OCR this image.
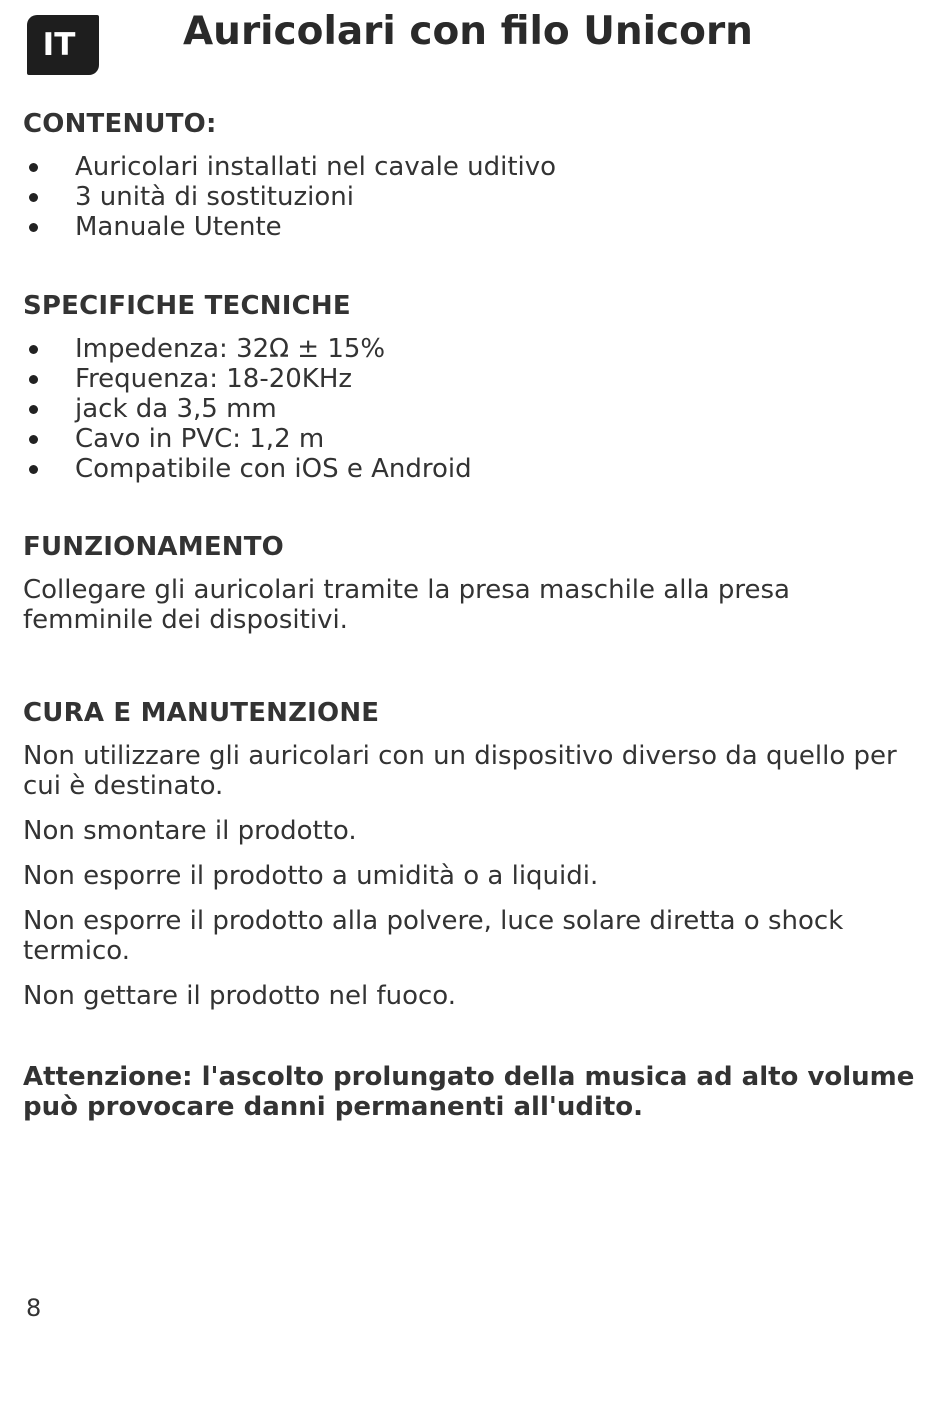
IT	Auricolari con filo Unicorn
CONTENUTO:
Auricolari installati nel cavale uditivo
3 unità di sostituzioni
Manuale Utente
SPECIFICHE TECNICHE
Impedenza: 32Ω ± 15%
Frequenza: 18-20KHz
jack da 3,5 mm
Cavo in PVC: 1,2 m
Compatibile con iOS e Android
FUNZIONAMENTO

Collegare gli auricolari tramite la presa maschile alla presa femminile dei dispositivi.

CURA E MANUTENZIONE

Non utilizzare gli auricolari con un dispositivo diverso da quello per cui è destinato.

Non smontare il prodotto.

Non esporre il prodotto a umidità o a liquidi.

Non esporre il prodotto alla polvere, luce solare diretta o shock termico.

Non gettare il prodotto nel fuoco.

Attenzione: l'ascolto prolungato della musica ad alto volume può provocare danni permanenti all'udito.

8
